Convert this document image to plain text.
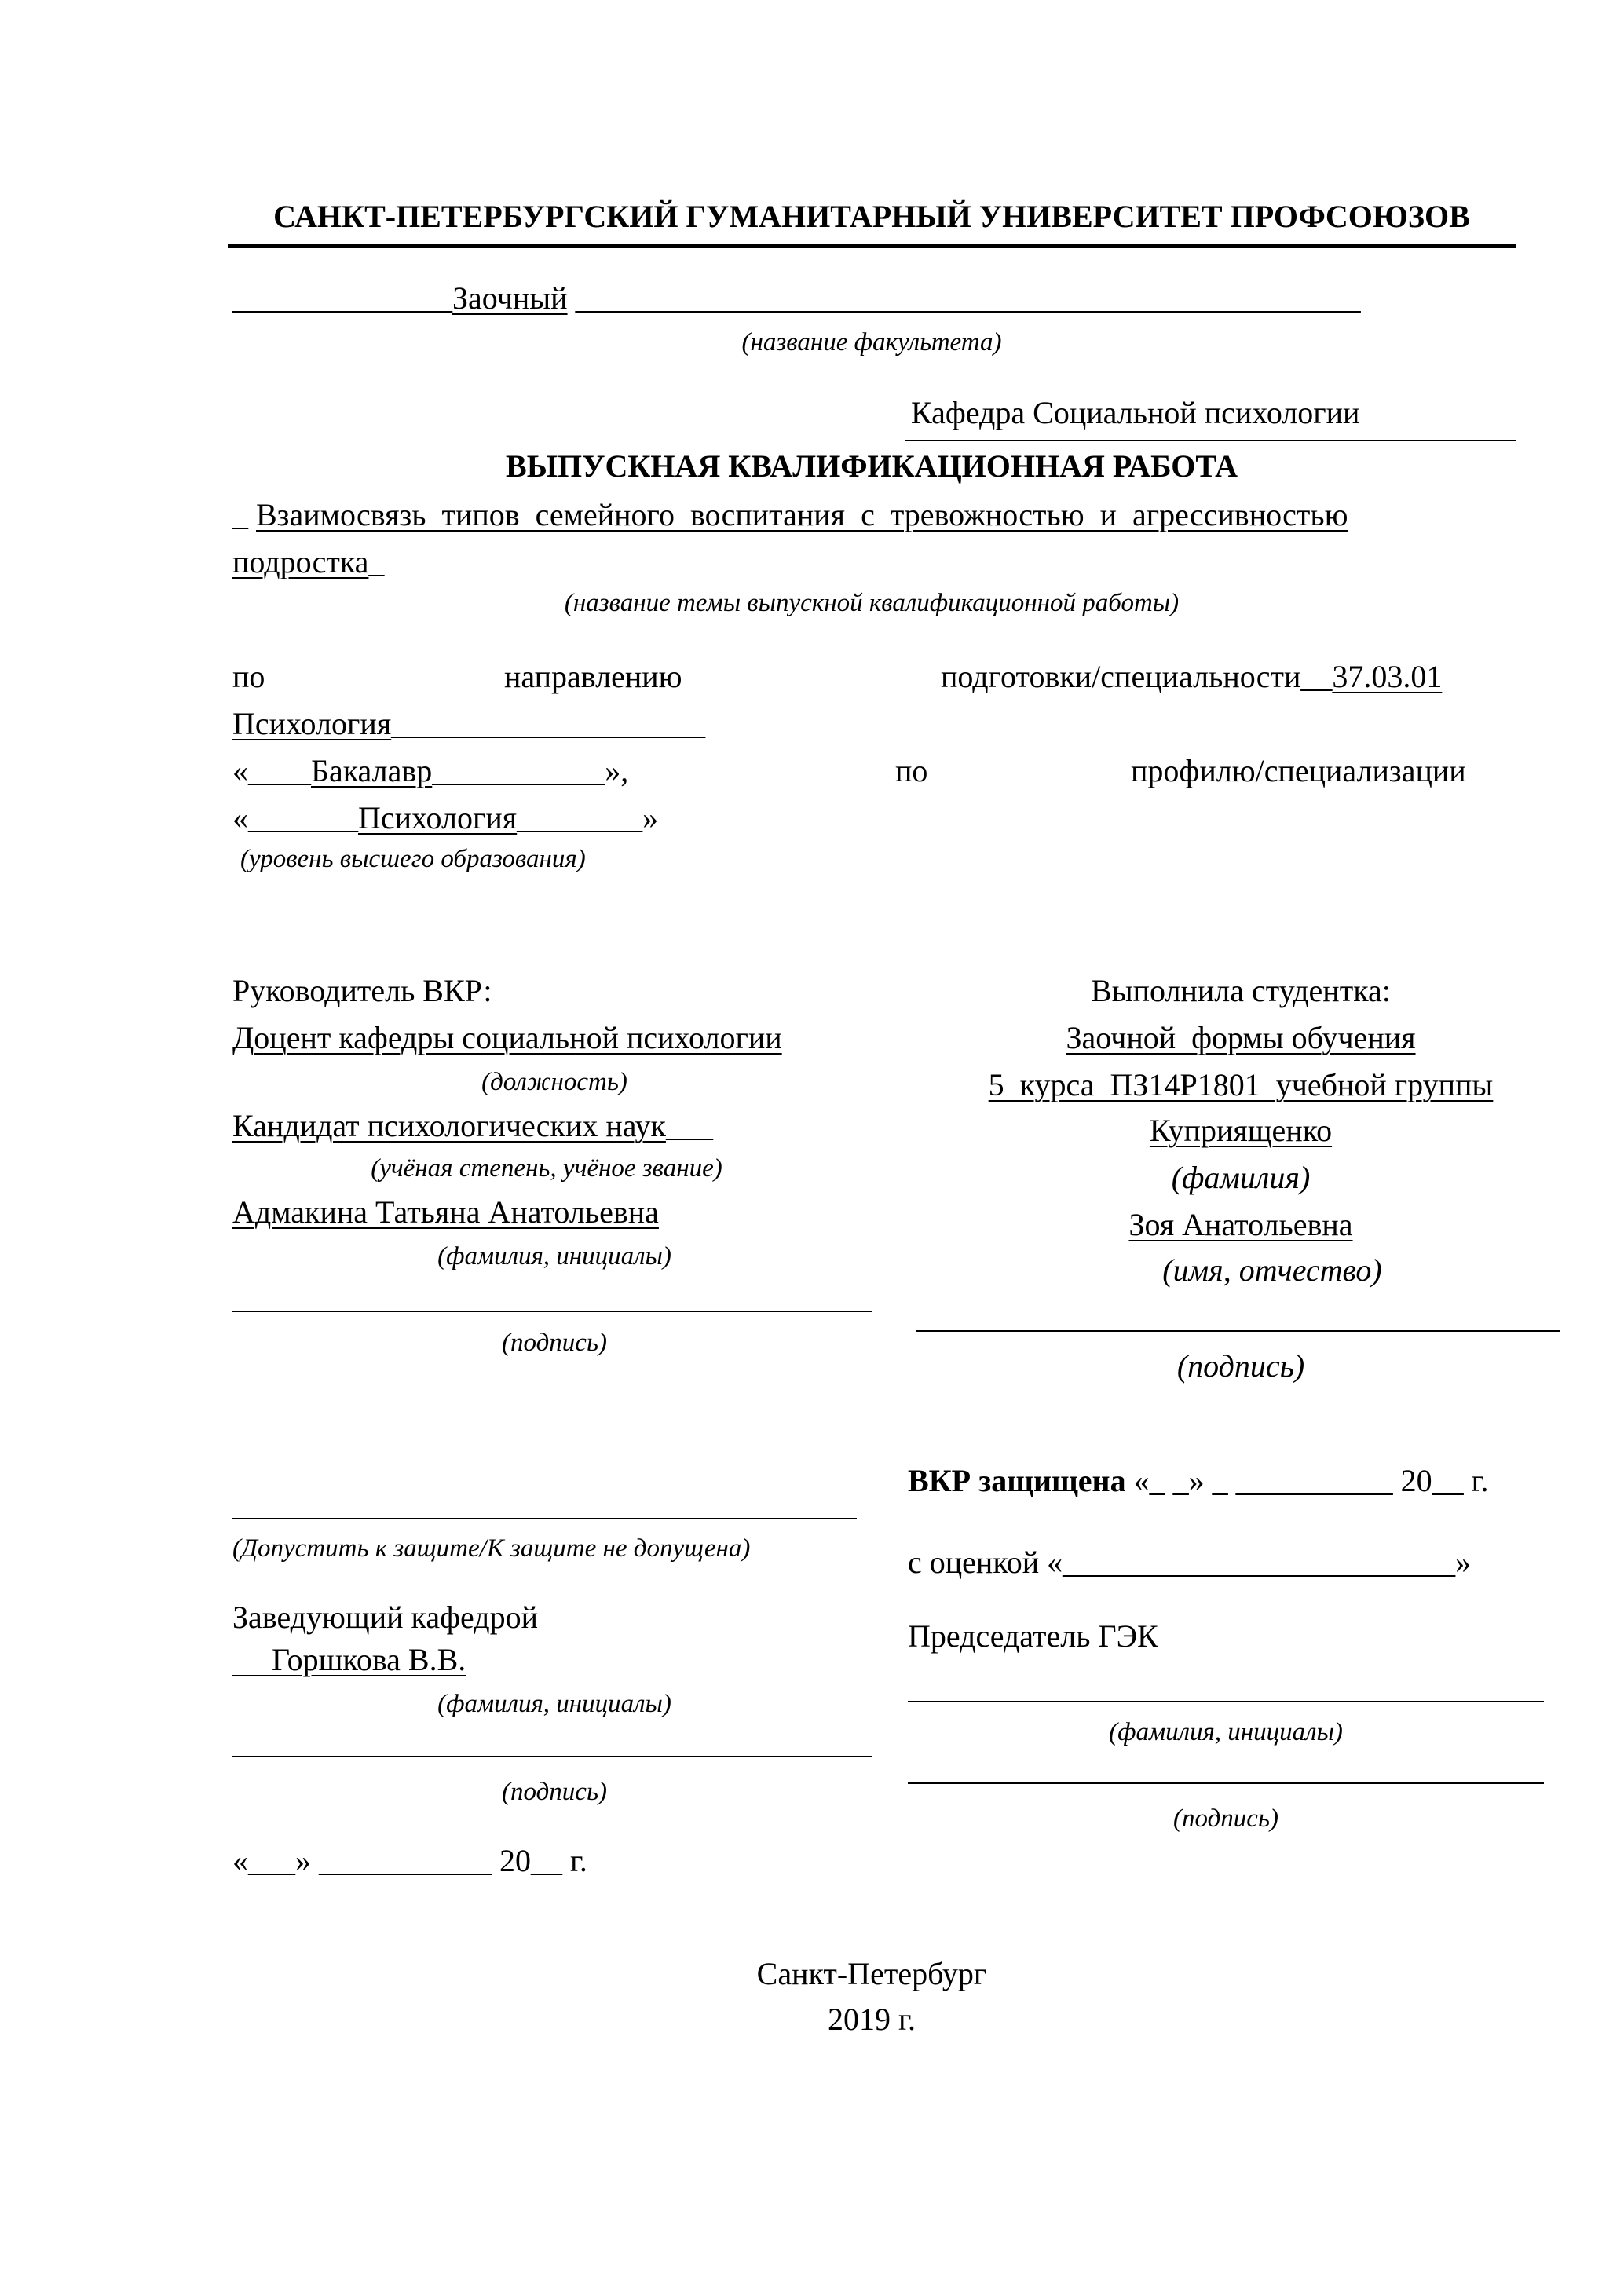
САНКТ-ПЕТЕРБУРГСКИЙ ГУМАНИТАРНЫЙ УНИВЕРСИТЕТ ПРОФСОЮЗОВ
______________Заочный __________________________________________________
(название факультета)
Кафедра Социальной психологии
ВЫПУСКНАЯ КВАЛИФИКАЦИОННАЯ РАБОТА
_ Взаимосвязь  типов  семейного  воспитания  с  тревожностью  и  агрессивностью
подростка_
(название темы выпускной квалификационной работы)
по	направлению	подготовки/специальности__37.03.01
Психология____________________
«____Бакалавр___________»,	по	профилю/специализации
«_______Психология________»
(уровень высшего образования)
Руководитель ВКР:
Доцент кафедры социальной психологии
(должность)
Кандидат психологических наук___
(учёная степень, учёное звание)
Адмакина Татьяна Анатольевна
(фамилия, инициалы)
(подпись)
Выполнила студентка:
Заочной  формы обучения
5  курса  ПЗ14Р1801  учебной группы
Куприященко
(фамилия)
Зоя Анатольевна
(имя, отчество)
(подпись)
(Допустить к защите/К защите не допущена)
Заведующий кафедрой
Горшкова В.В.
(фамилия, инициалы)
(подпись)
«___» ___________ 20__ г.
ВКР защищена «_ _» _ __________ 20__ г.
с оценкой «_________________________»
Председатель ГЭК
(фамилия, инициалы)
(подпись)
Санкт-Петербург
2019 г.
